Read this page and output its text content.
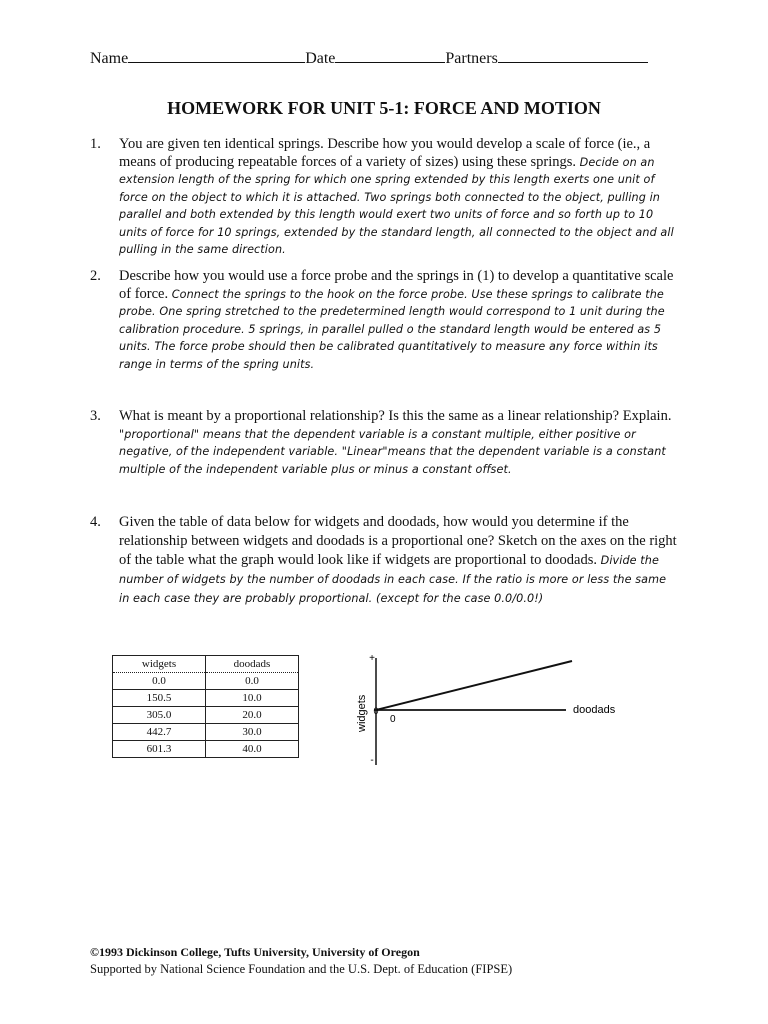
Name	Date	Partners
HOMEWORK FOR UNIT 5-1: FORCE AND MOTION
1.	You are given ten identical springs. Describe how you would develop a scale of force (ie., a means of producing repeatable forces of a variety of sizes) using these springs. Decide on an extension length of the spring for which one spring extended by this length exerts one unit of force on the object to which it is attached. Two springs both connected to the object, pulling in parallel and both extended by this length would exert two units of force and so forth up to 10 units of force for 10 springs, extended by the standard length, all connected to the object and all pulling in the same direction.
2.	Describe how you would use a force probe and the springs in (1) to develop a quantitative scale of force. Connect the springs to the hook on the force probe. Use these springs to calibrate the probe. One spring stretched to the predetermined length would correspond to 1 unit during the calibration procedure. 5 springs, in parallel pulled o the standard length would be entered as 5 units. The force probe should then be calibrated quantitatively to measure any force within its range in terms of the spring units.
3.	What is meant by a proportional relationship? Is this the same as a linear relationship? Explain. "proportional" means that the dependent variable is a constant multiple, either positive or negative, of the independent variable. "Linear"means that the dependent variable is a constant multiple of the independent variable plus or minus a constant offset.
4.	Given the table of data below for widgets and doodads, how would you determine if the relationship between widgets and doodads is a proportional one? Sketch on the axes on the right of the table what the graph would look like if widgets are proportional to doodads. Divide the number of widgets by the number of doodads in each case. If the ratio is more or less the same in each case they are probably proportional. (except for the case 0.0/0.0!)
widgets	doodads
0.0	0.0
150.5	10.0
305.0	20.0
442.7	30.0
601.3	40.0
+
-
0
0	doodads
widgets
©1993 Dickinson College, Tufts University, University of Oregon
Supported by National Science Foundation and the U.S. Dept. of Education (FIPSE)
